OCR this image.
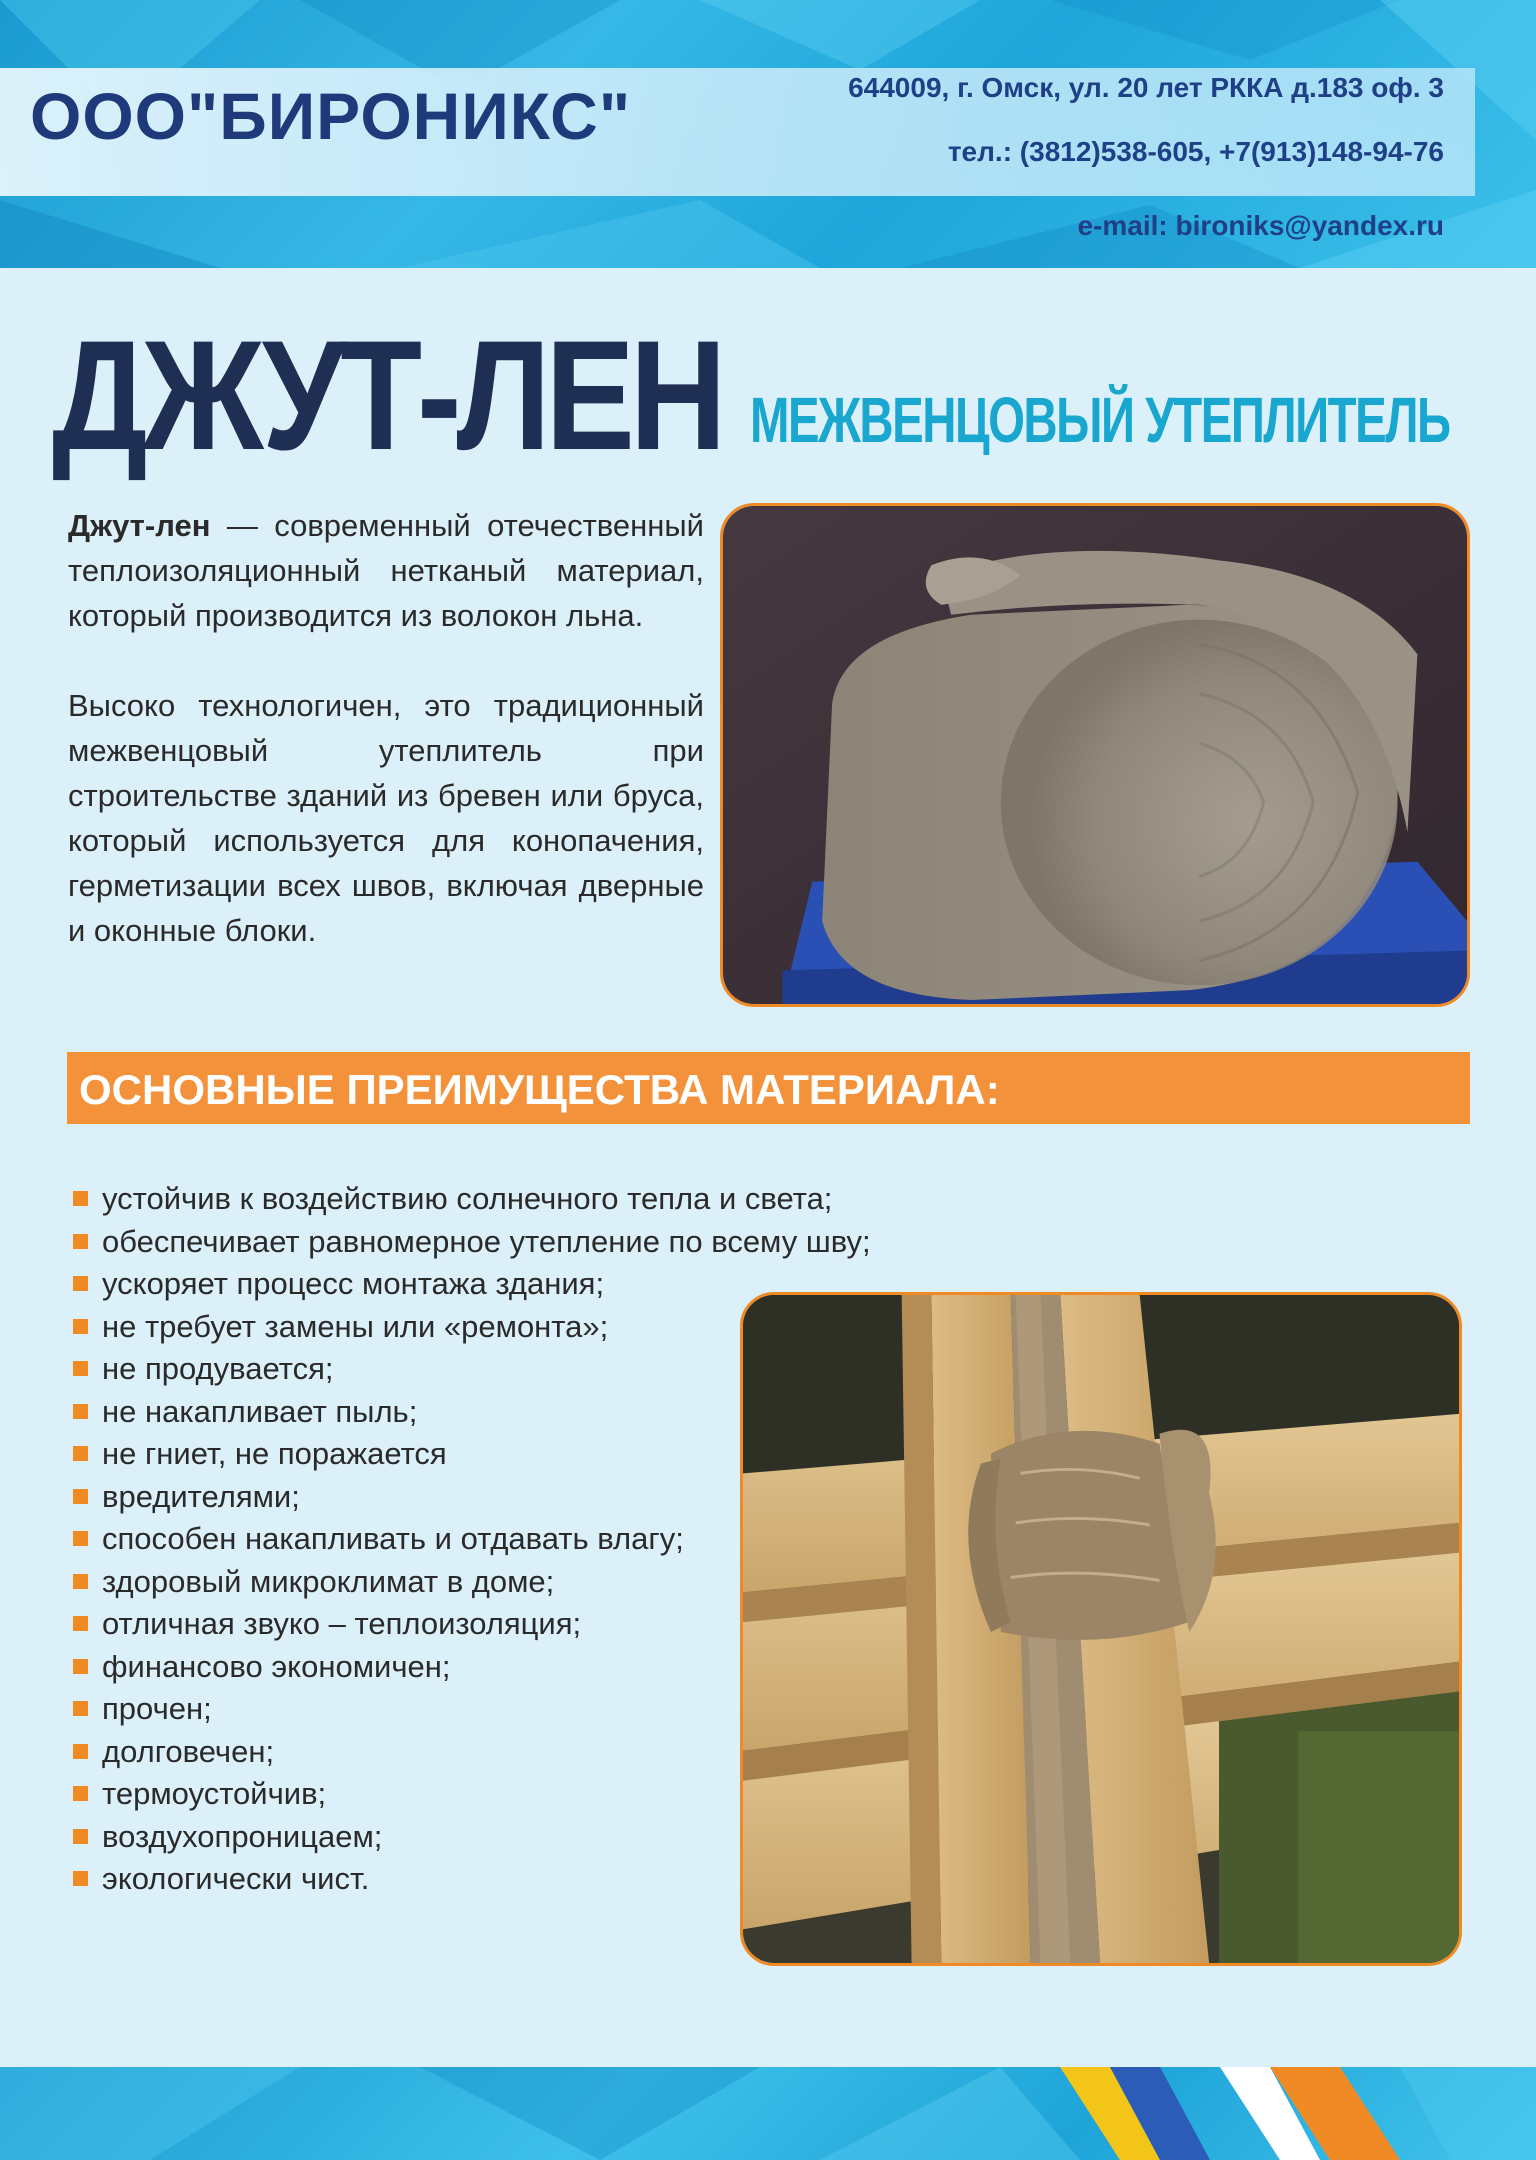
ООО"БИРОНИКС"	644009, г. Омск, ул. 20 лет РККА д.183 оф. 3

тел.: (3812)538-605, +7(913)148-94-76

e-mail: bironiks@yandex.ru

ДЖУТ-ЛЕН МЕЖВЕНЦОВЫЙ УТЕПЛИТЕЛЬ

Джут-лен — современный отечественный теплоизоляционный нетканый материал, который производится из волокон льна.

Высоко технологичен, это традиционный межвенцовый утеплитель при строительстве зданий из бревен или бруса, который используется для конопачения, герметизации всех швов, включая дверные и оконные блоки.

ОСНОВНЫЕ ПРЕИМУЩЕСТВА МАТЕРИАЛА:
устойчив к воздействию солнечного тепла и света;
обеспечивает равномерное утепление по всему шву;
ускоряет процесс монтажа здания;
не требует замены или «ремонта»;
не продувается;
не накапливает пыль;
не гниет, не поражается
вредителями;
способен накапливать и отдавать влагу;
здоровый микроклимат в доме;
отличная звуко – теплоизоляция;
финансово экономичен;
прочен;
долговечен;
термоустойчив;
воздухопроницаем;
экологически чист.
